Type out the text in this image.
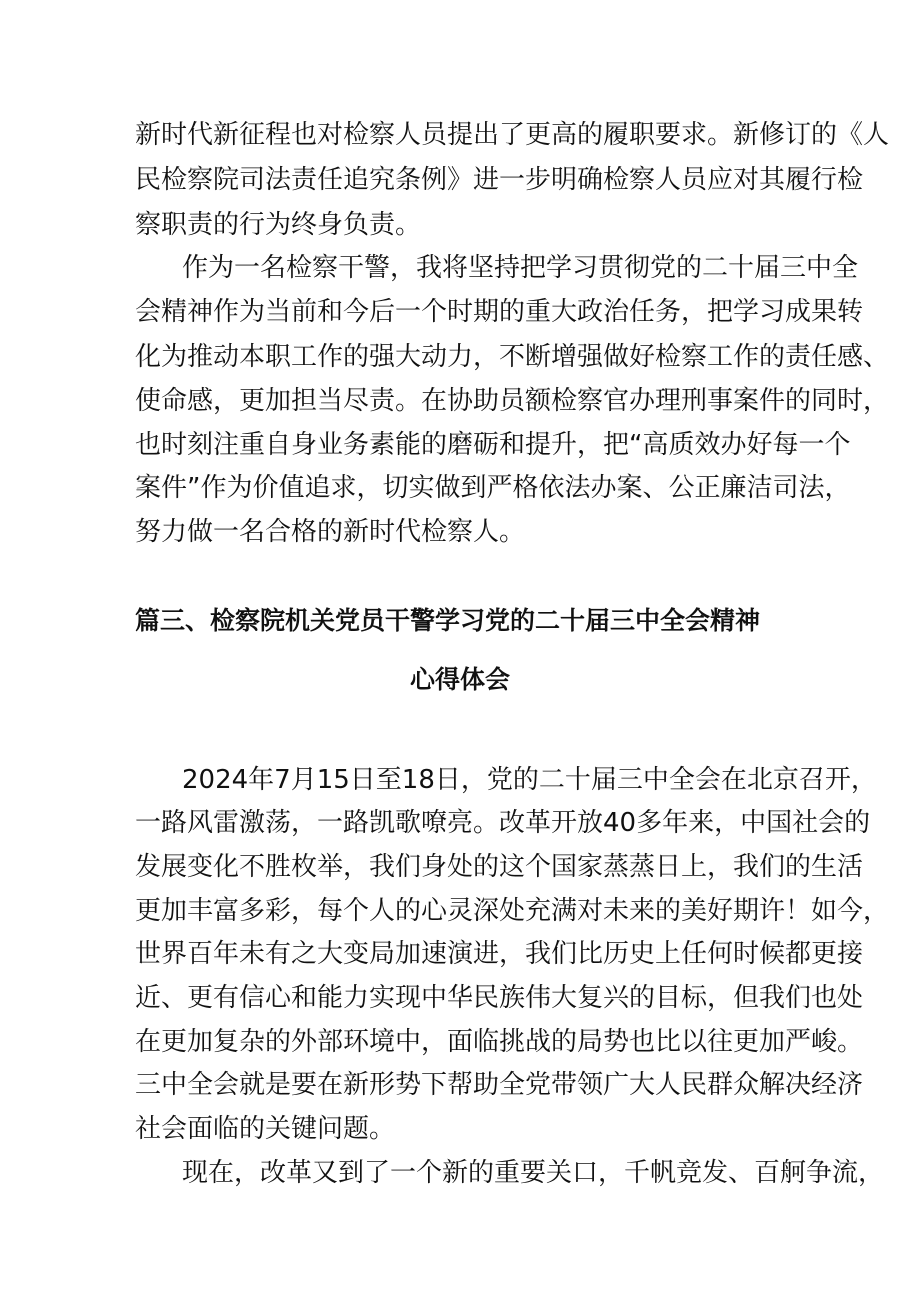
新时代新征程也对检察人员提出了更高的履职要求。新修订的《人
民检察院司法责任追究条例》进一步明确检察人员应对其履行检
察职责的行为终身负责。
作为一名检察干警，我将坚持把学习贯彻党的二十届三中全
会精神作为当前和今后一个时期的重大政治任务，把学习成果转
化为推动本职工作的强大动力，不断增强做好检察工作的责任感、
使命感，更加担当尽责。在协助员额检察官办理刑事案件的同时，
也时刻注重自身业务素能的磨砺和提升，把“高质效办好每一个
案件”作为价值追求，切实做到严格依法办案、公正廉洁司法，
努力做一名合格的新时代检察人。
篇三、检察院机关党员干警学习党的二十届三中全会精神
心得体会
2024年7月15日至18日，党的二十届三中全会在北京召开，
一路风雷激荡，一路凯歌嘹亮。改革开放40多年来，中国社会的
发展变化不胜枚举，我们身处的这个国家蒸蒸日上，我们的生活
更加丰富多彩，每个人的心灵深处充满对未来的美好期许！如今，
世界百年未有之大变局加速演进，我们比历史上任何时候都更接
近、更有信心和能力实现中华民族伟大复兴的目标，但我们也处
在更加复杂的外部环境中，面临挑战的局势也比以往更加严峻。
三中全会就是要在新形势下帮助全党带领广大人民群众解决经济
社会面临的关键问题。
现在，改革又到了一个新的重要关口，千帆竞发、百舸争流，
